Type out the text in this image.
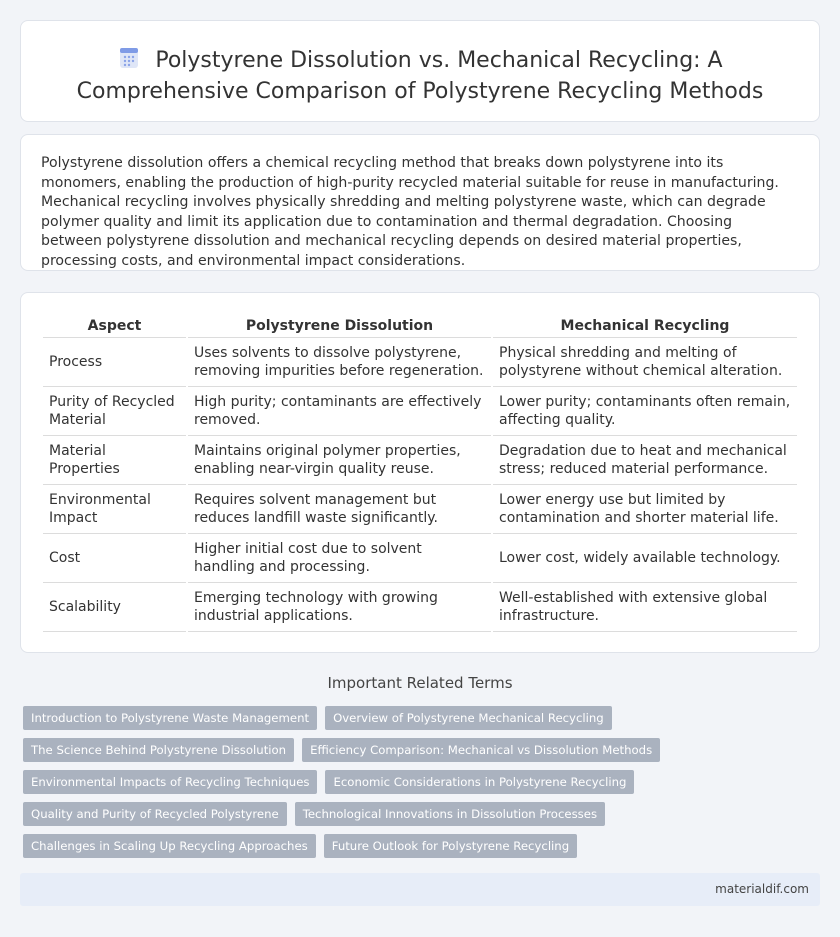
Polystyrene Dissolution vs. Mechanical Recycling: A Comprehensive Comparison of Polystyrene Recycling Methods

Polystyrene dissolution offers a chemical recycling method that breaks down polystyrene into its monomers, enabling the production of high-purity recycled material suitable for reuse in manufacturing. Mechanical recycling involves physically shredding and melting polystyrene waste, which can degrade polymer quality and limit its application due to contamination and thermal degradation. Choosing between polystyrene dissolution and mechanical recycling depends on desired material properties, processing costs, and environmental impact considerations.

Aspect	Polystyrene Dissolution	Mechanical Recycling
Process	Uses solvents to dissolve polystyrene, removing impurities before regeneration.	Physical shredding and melting of polystyrene without chemical alteration.
Purity of Recycled Material	High purity; contaminants are effectively removed.	Lower purity; contaminants often remain, affecting quality.
Material Properties	Maintains original polymer properties, enabling near-virgin quality reuse.	Degradation due to heat and mechanical stress; reduced material performance.
Environmental Impact	Requires solvent management but reduces landfill waste significantly.	Lower energy use but limited by contamination and shorter material life.
Cost	Higher initial cost due to solvent handling and processing.	Lower cost, widely available technology.
Scalability	Emerging technology with growing industrial applications.	Well-established with extensive global infrastructure.
Important Related Terms
Introduction to Polystyrene Waste Management	Overview of Polystyrene Mechanical Recycling
The Science Behind Polystyrene Dissolution	Efficiency Comparison: Mechanical vs Dissolution Methods
Environmental Impacts of Recycling Techniques	Economic Considerations in Polystyrene Recycling
Quality and Purity of Recycled Polystyrene	Technological Innovations in Dissolution Processes
Challenges in Scaling Up Recycling Approaches	Future Outlook for Polystyrene Recycling
materialdif.com
